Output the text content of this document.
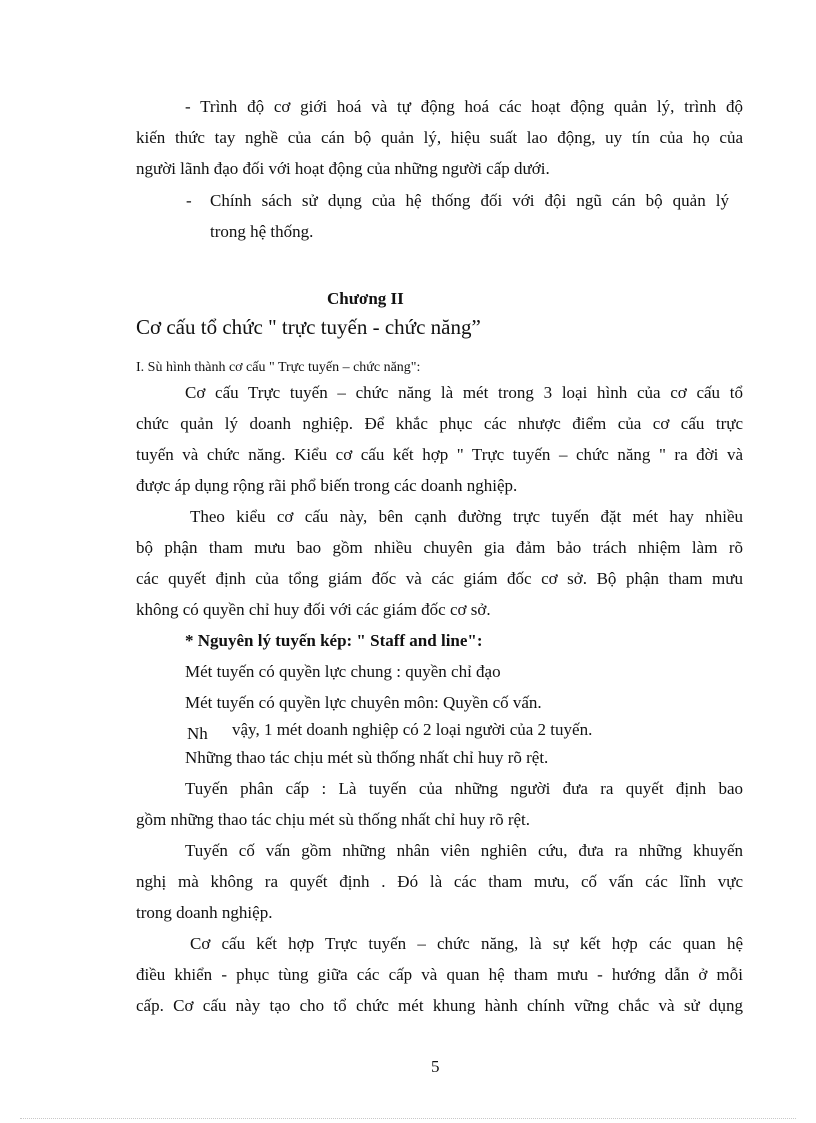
- Trình độ cơ giới hoá và tự động hoá các hoạt động quản lý, trình độ
kiến thức tay nghề của cán bộ quản lý, hiệu suất lao động, uy tín của họ của
người lãnh đạo đối với hoạt động của những người cấp dưới.
- Chính sách sử dụng của hệ thống đối với đội ngũ cán bộ quản lý
trong hệ thống.
Chương II
Cơ cấu tổ chức " trực tuyến - chức năng”
I. Sù hình thành cơ cấu " Trực tuyến – chức năng":
Cơ cấu Trực tuyến – chức năng là mét trong 3 loại hình của cơ cấu tổ
chức quản lý doanh nghiệp. Để khắc phục các nhược điểm của cơ cấu trực
tuyến và chức năng. Kiểu cơ cấu kết hợp " Trực tuyến – chức năng " ra đời và
được áp dụng rộng rãi phổ biến trong các doanh nghiệp.
Theo kiểu cơ cấu này, bên cạnh đường trực tuyến đặt mét hay nhiều
bộ phận tham mưu bao gồm nhiều chuyên gia đảm bảo trách nhiệm làm rõ
các quyết định của tổng giám đốc và các giám đốc cơ sở. Bộ phận tham mưu
không có quyền chỉ huy đối với các giám đốc cơ sở.
* Nguyên lý tuyến kép: " Staff and line":
Mét tuyến có quyền lực chung : quyền chỉ đạo
Mét tuyến có quyền lực chuyên môn: Quyền cố vấn.
Nh vậy, 1 mét doanh nghiệp có 2 loại người của 2 tuyến.
Những thao tác chịu mét sù thống nhất chỉ huy rõ rệt.
Tuyến phân cấp : Là tuyến của những người đưa ra quyết định bao
gồm những thao tác chịu mét sù thống nhất chỉ huy rõ rệt.
Tuyến cố vấn gồm những nhân viên nghiên cứu, đưa ra những khuyến
nghị mà không ra quyết định . Đó là các tham mưu, cố vấn các lĩnh vực
trong doanh nghiệp.
Cơ cấu kết hợp Trực tuyến – chức năng, là sự kết hợp các quan hệ
điều khiển - phục tùng giữa các cấp và quan hệ tham mưu - hướng dẫn ở mỗi
cấp. Cơ cấu này tạo cho tổ chức mét khung hành chính vững chắc và sử dụng
5
